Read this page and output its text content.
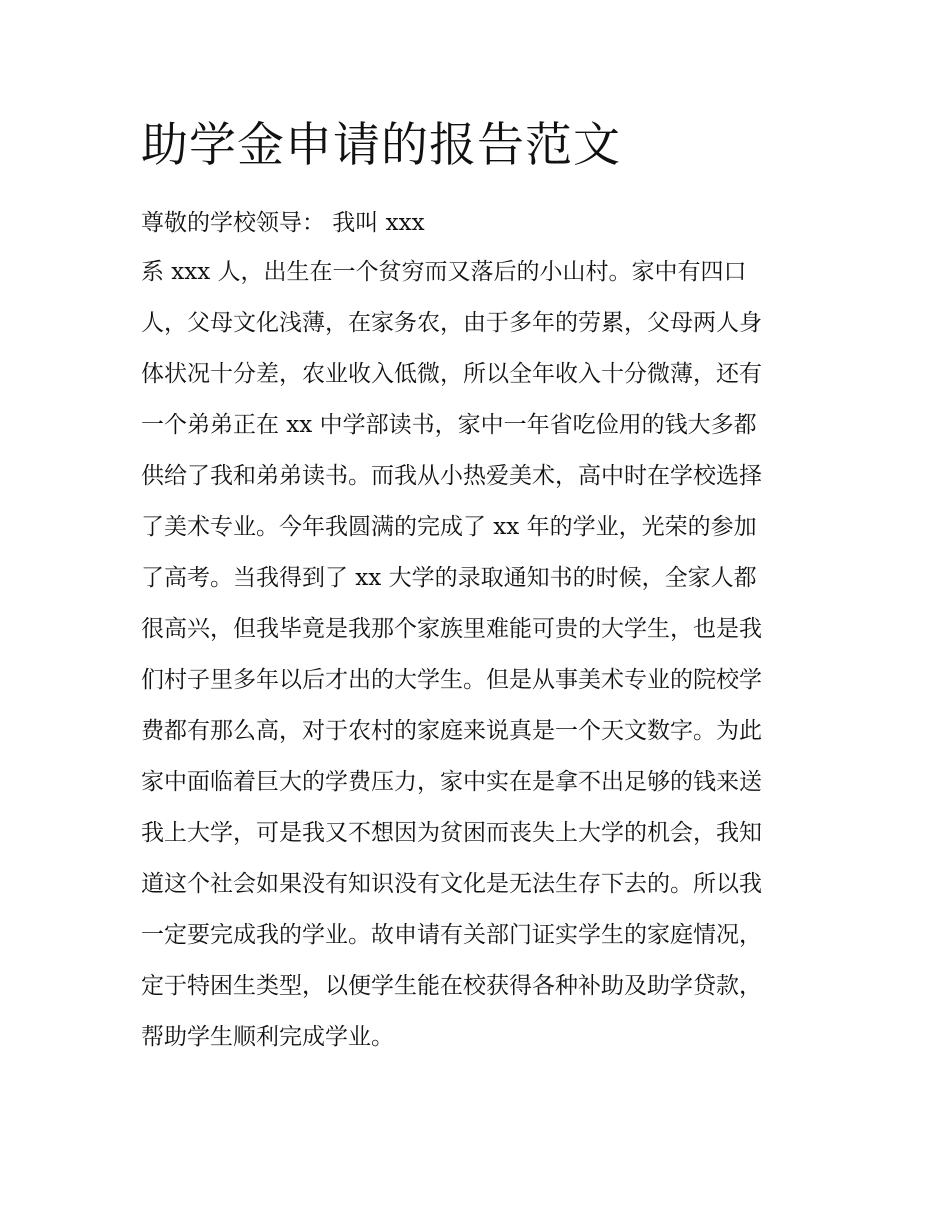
助学金申请的报告范文
尊敬的学校领导： 我叫 xxx
系 xxx 人，出生在一个贫穷而又落后的小山村。家中有四口
人，父母文化浅薄，在家务农，由于多年的劳累，父母两人身
体状况十分差，农业收入低微，所以全年收入十分微薄，还有
一个弟弟正在 xx 中学部读书，家中一年省吃俭用的钱大多都
供给了我和弟弟读书。而我从小热爱美术，高中时在学校选择
了美术专业。今年我圆满的完成了 xx 年的学业，光荣的参加
了高考。当我得到了 xx 大学的录取通知书的时候，全家人都
很高兴，但我毕竟是我那个家族里难能可贵的大学生，也是我
们村子里多年以后才出的大学生。但是从事美术专业的院校学
费都有那么高，对于农村的家庭来说真是一个天文数字。为此
家中面临着巨大的学费压力，家中实在是拿不出足够的钱来送
我上大学，可是我又不想因为贫困而丧失上大学的机会，我知
道这个社会如果没有知识没有文化是无法生存下去的。所以我
一定要完成我的学业。故申请有关部门证实学生的家庭情况，
定于特困生类型，以便学生能在校获得各种补助及助学贷款，
帮助学生顺利完成学业。
